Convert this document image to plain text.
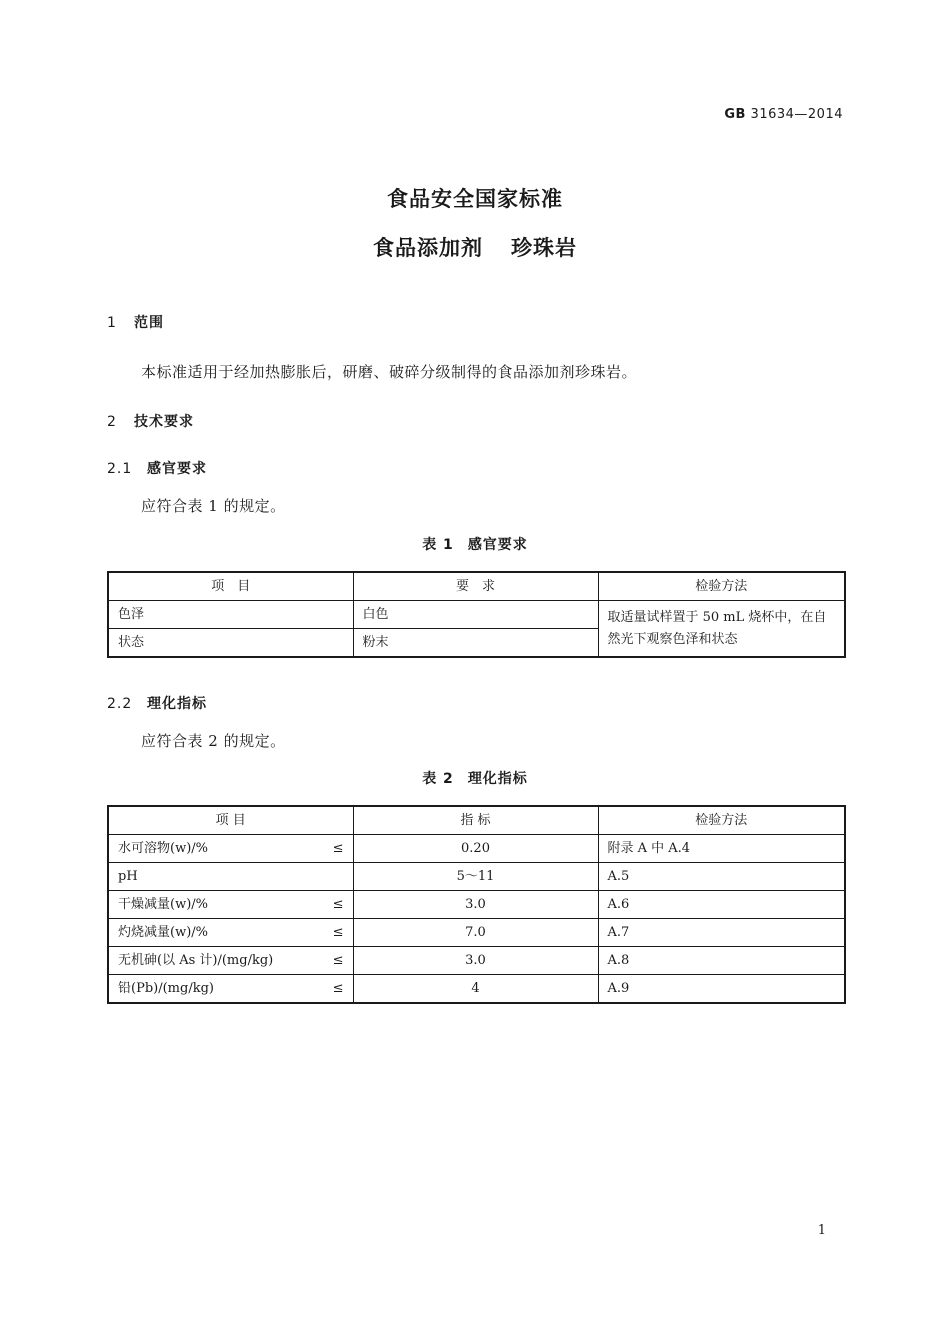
GB 31634—2014
食品安全国家标准
食品添加剂 珍珠岩
1 范围
本标准适用于经加热膨胀后，研磨、破碎分级制得的食品添加剂珍珠岩。
2 技术要求
2.1 感官要求
应符合表 1 的规定。
表 1 感官要求
项　目	要　求	检验方法
色泽	白色	取适量试样置于 50 mL 烧杯中，在自然光下观察色泽和状态
状态	粉末	
2.2 理化指标
应符合表 2 的规定。
表 2 理化指标
项 目	指 标	检验方法
水可溶物(w)/% ≤	0.20	附录 A 中 A.4
pH	5～11	A.5
干燥减量(w)/% ≤	3.0	A.6
灼烧减量(w)/% ≤	7.0	A.7
无机砷(以 As 计)/(mg/kg) ≤	3.0	A.8
铅(Pb)/(mg/kg) ≤	4	A.9
1
